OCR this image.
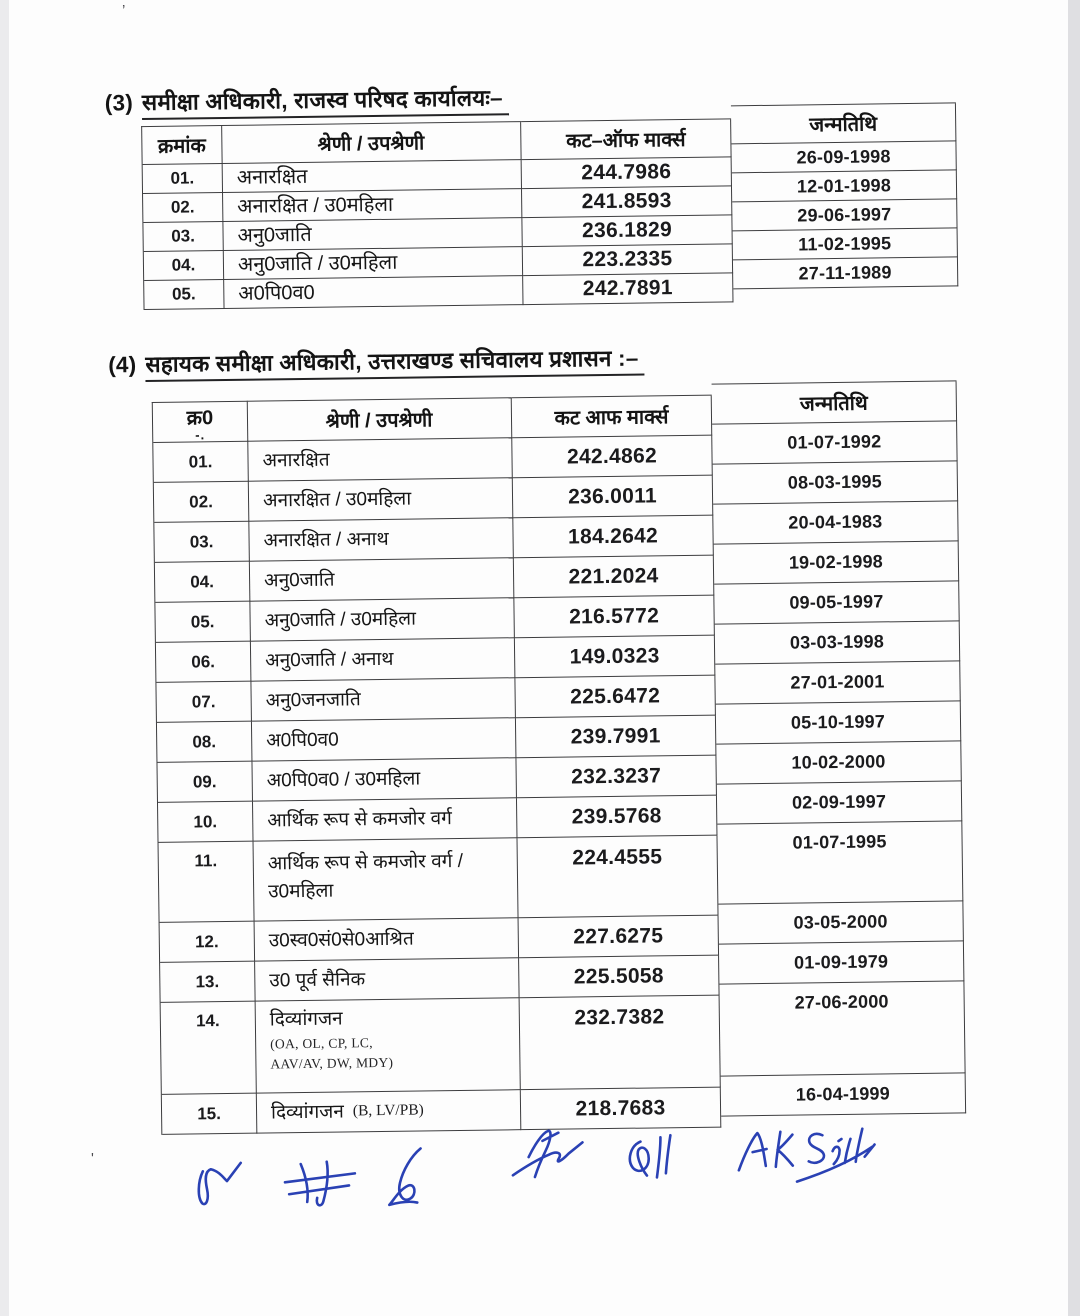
’
'
(3) समीक्षा अधिकारी, राजस्व परिषद कार्यालयः–
क्रमांक
01.
02.
03.
04.
05.
श्रेणी / उपश्रेणी
अनारक्षित
अनारक्षित / उ0महिला
अनु0जाति
अनु0जाति / उ0महिला
अ0पि0व0
कट–ऑफ मार्क्स
244.7986
241.8593
236.1829
223.2335
242.7891
जन्मतिथि
26-09-1998
12-01-1998
29-06-1997
11-02-1995
27-11-1989
(4) सहायक समीक्षा अधिकारी, उत्तराखण्ड सचिवालय प्रशासन :–
क्र0
-.
01.
02.
03.
04.
05.
06.
07.
08.
09.
10.
11.
12.
13.
14.
15.
श्रेणी / उपश्रेणी
अनारक्षित
अनारक्षित / उ0महिला
अनारक्षित / अनाथ
अनु0जाति
अनु0जाति / उ0महिला
अनु0जाति / अनाथ
अनु0जनजाति
अ0पि0व0
अ0पि0व0 / उ0महिला
आर्थिक रूप से कमजोर वर्ग
आर्थिक रूप से कमजोर वर्ग / उ0महिला
उ0स्व0सं0से0आश्रित
उ0 पूर्व सैनिक
दिव्यांगजन
(OA, OL, CP, LC,
AAV/AV, DW, MDY)
दिव्यांगजन (B, LV/PB)
कट आफ मार्क्स
242.4862
236.0011
184.2642
221.2024
216.5772
149.0323
225.6472
239.7991
232.3237
239.5768
224.4555
227.6275
225.5058
232.7382
218.7683
जन्मतिथि
01-07-1992
08-03-1995
20-04-1983
19-02-1998
09-05-1997
03-03-1998
27-01-2001
05-10-1997
10-02-2000
02-09-1997
01-07-1995
03-05-2000
01-09-1979
27-06-2000
16-04-1999
